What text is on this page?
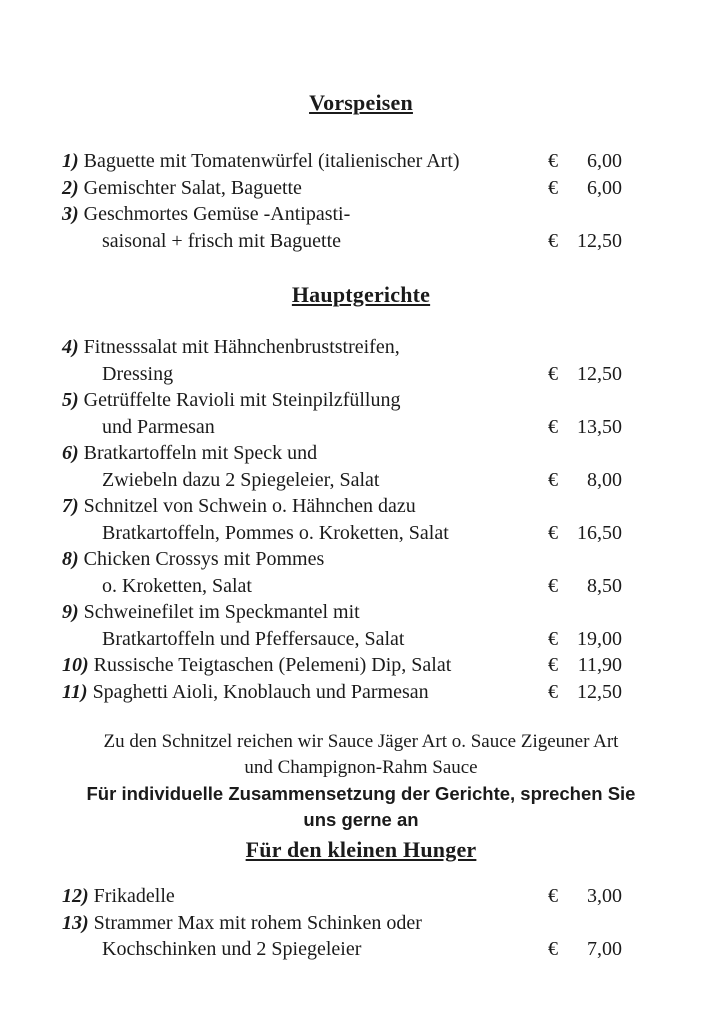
Vorspeisen
1) Baguette mit Tomatenwürfel (italienischer Art)	€ 6,00
2) Gemischter Salat, Baguette	€ 6,00
3) Geschmortes Gemüse -Antipasti-
saisonal + frisch mit Baguette	€ 12,50
Hauptgerichte
4) Fitnesssalat mit Hähnchenbruststreifen,
Dressing	€ 12,50
5) Getrüffelte Ravioli mit Steinpilzfüllung
und Parmesan	€ 13,50
6) Bratkartoffeln mit Speck und
Zwiebeln dazu 2 Spiegeleier, Salat	€ 8,00
7) Schnitzel von Schwein o. Hähnchen dazu
Bratkartoffeln, Pommes o. Kroketten, Salat	€ 16,50
8) Chicken Crossys mit Pommes
o. Kroketten, Salat	€ 8,50
9) Schweinefilet im Speckmantel mit
Bratkartoffeln und Pfeffersauce, Salat	€ 19,00
10) Russische Teigtaschen (Pelemeni) Dip, Salat	€ 11,90
11) Spaghetti Aioli, Knoblauch und Parmesan	€ 12,50
Zu den Schnitzel reichen wir Sauce Jäger Art o. Sauce Zigeuner Art
und Champignon-Rahm Sauce
Für individuelle Zusammensetzung der Gerichte, sprechen Sie
uns gerne an
Für den kleinen Hunger
12) Frikadelle	€ 3,00
13) Strammer Max mit rohem Schinken oder
Kochschinken und 2 Spiegeleier	€ 7,00
